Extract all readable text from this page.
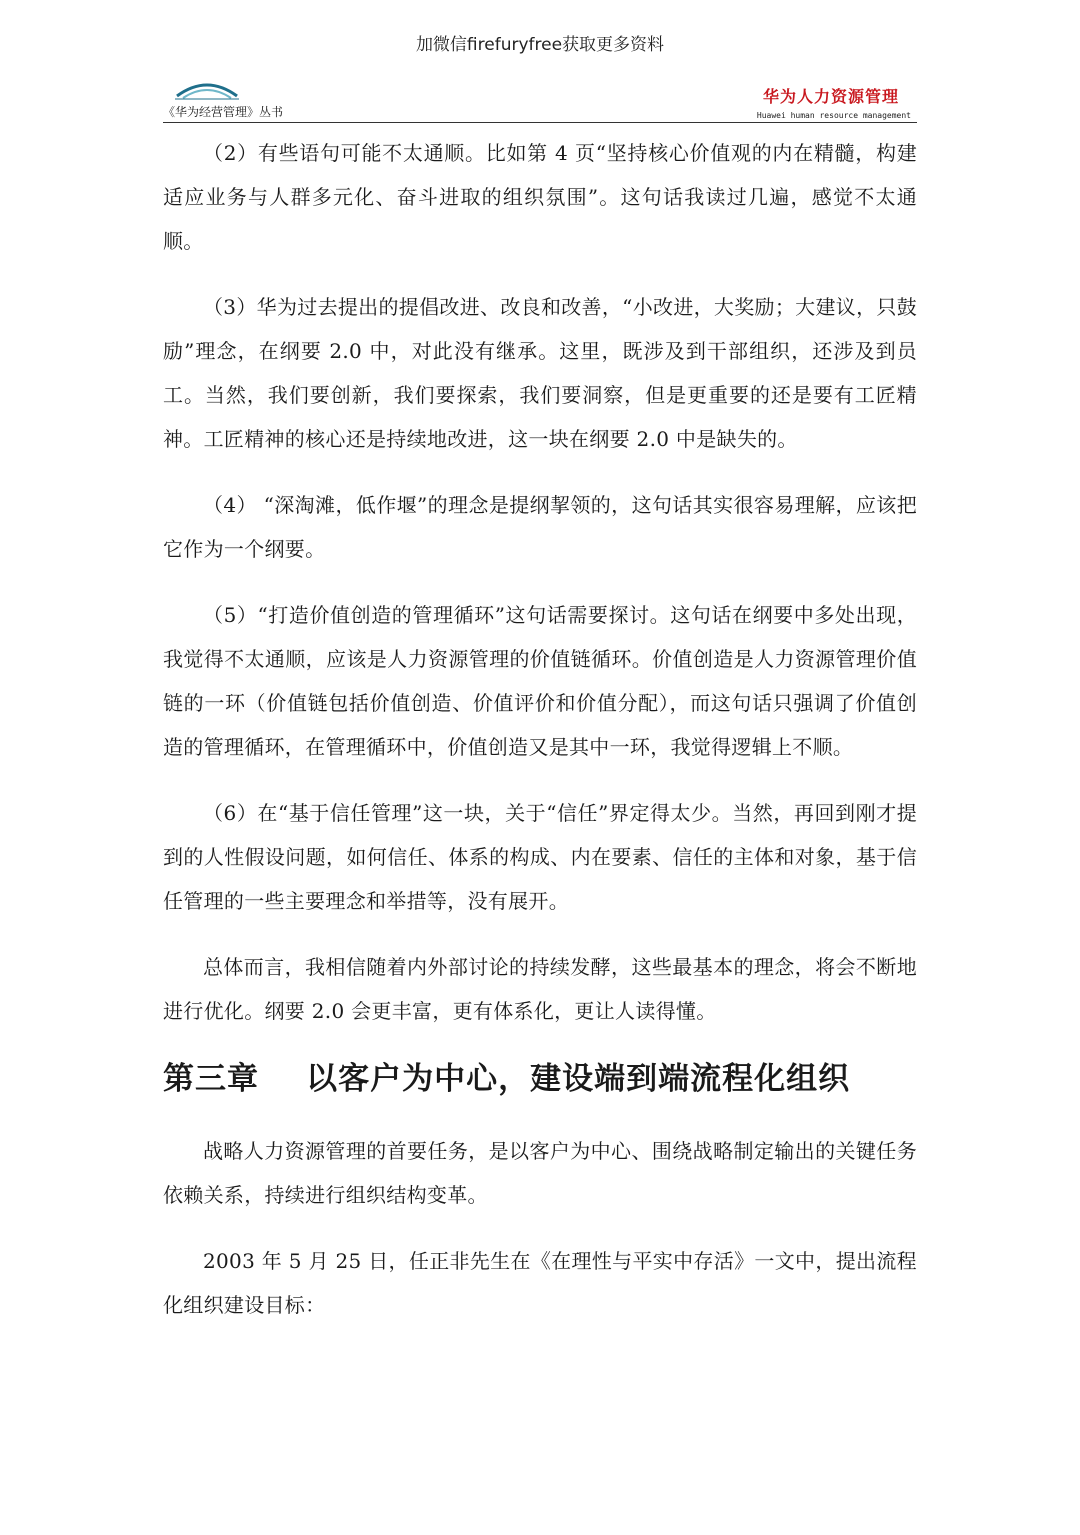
加微信firefuryfree获取更多资料
《华为经营管理》丛书
华为人力资源管理
Huawei human resource management

（2）有些语句可能不太通顺。比如第 4 页“坚持核心价值观的内在精髓，构建适应业务与人群多元化、奋斗进取的组织氛围”。这句话我读过几遍，感觉不太通顺。

（3）华为过去提出的提倡改进、改良和改善，“小改进，大奖励；大建议，只鼓励”理念，在纲要 2.0 中，对此没有继承。这里，既涉及到干部组织，还涉及到员工。当然，我们要创新，我们要探索，我们要洞察，但是更重要的还是要有工匠精神。工匠精神的核心还是持续地改进，这一块在纲要 2.0 中是缺失的。

（4） “深淘滩，低作堰”的理念是提纲挈领的，这句话其实很容易理解，应该把它作为一个纲要。

（5）“打造价值创造的管理循环”这句话需要探讨。这句话在纲要中多处出现，我觉得不太通顺，应该是人力资源管理的价值链循环。价值创造是人力资源管理价值链的一环（价值链包括价值创造、价值评价和价值分配），而这句话只强调了价值创造的管理循环，在管理循环中，价值创造又是其中一环，我觉得逻辑上不顺。

（6）在“基于信任管理”这一块，关于“信任”界定得太少。当然，再回到刚才提到的人性假设问题，如何信任、体系的构成、内在要素、信任的主体和对象，基于信任管理的一些主要理念和举措等，没有展开。

总体而言，我相信随着内外部讨论的持续发酵，这些最基本的理念，将会不断地进行优化。纲要 2.0 会更丰富，更有体系化，更让人读得懂。

第三章    以客户为中心，建设端到端流程化组织

战略人力资源管理的首要任务，是以客户为中心、围绕战略制定输出的关键任务依赖关系，持续进行组织结构变革。

2003 年 5 月 25 日，任正非先生在《在理性与平实中存活》一文中，提出流程化组织建设目标：
